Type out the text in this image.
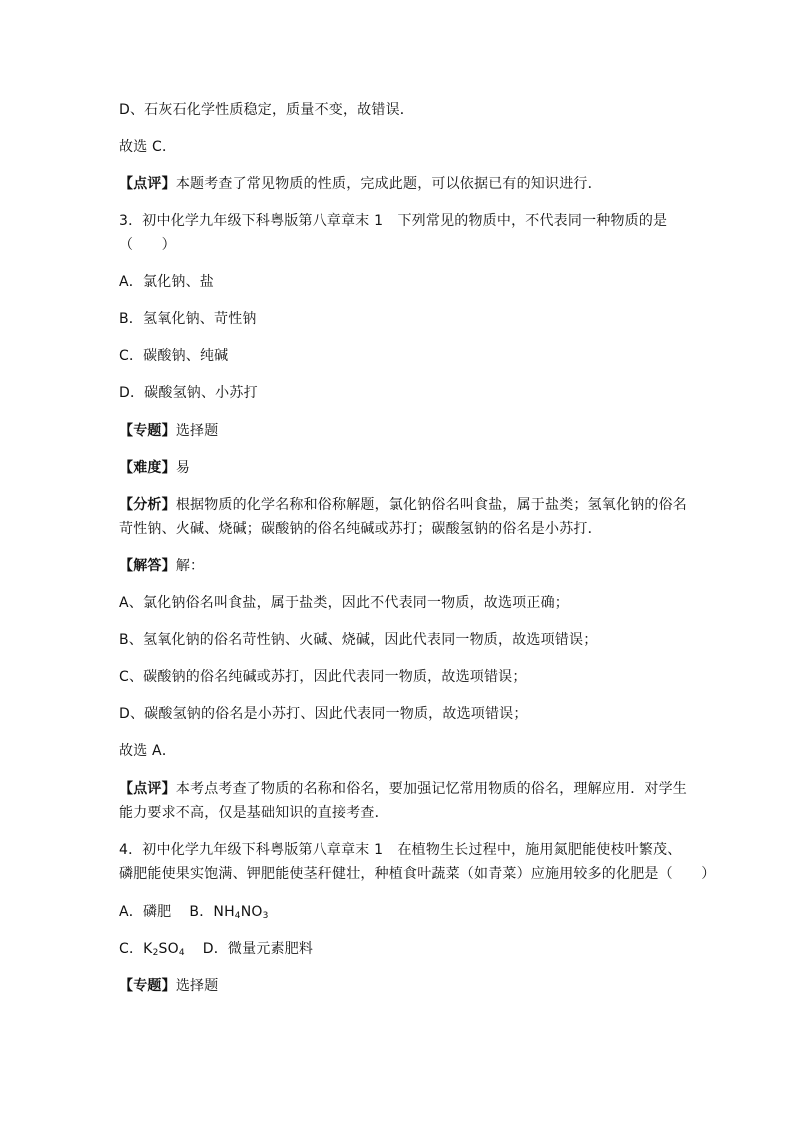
D、石灰石化学性质稳定，质量不变，故错误．
故选 C．
【点评】本题考查了常见物质的性质，完成此题，可以依据已有的知识进行．
3．初中化学九年级下科粤版第八章章末 1　下列常见的物质中，不代表同一种物质的是
（　　）
A．氯化钠、盐
B．氢氧化钠、苛性钠
C．碳酸钠、纯碱
D．碳酸氢钠、小苏打
【专题】选择题
【难度】易
【分析】根据物质的化学名称和俗称解题，氯化钠俗名叫食盐，属于盐类；氢氧化钠的俗名
苛性钠、火碱、烧碱；碳酸钠的俗名纯碱或苏打；碳酸氢钠的俗名是小苏打．
【解答】解：
A、氯化钠俗名叫食盐，属于盐类，因此不代表同一物质，故选项正确；
B、氢氧化钠的俗名苛性钠、火碱、烧碱，因此代表同一物质，故选项错误；
C、碳酸钠的俗名纯碱或苏打，因此代表同一物质，故选项错误；
D、碳酸氢钠的俗名是小苏打、因此代表同一物质，故选项错误；
故选 A．
【点评】本考点考查了物质的名称和俗名，要加强记忆常用物质的俗名，理解应用．对学生
能力要求不高，仅是基础知识的直接考查．
4．初中化学九年级下科粤版第八章章末 1　在植物生长过程中，施用氮肥能使枝叶繁茂、
磷肥能使果实饱满、钾肥能使茎秆健壮，种植食叶蔬菜（如青菜）应施用较多的化肥是（　　）
A．磷肥 B．$NH_4NO_3$
C．$K_2SO_4$ D．微量元素肥料
【专题】选择题
